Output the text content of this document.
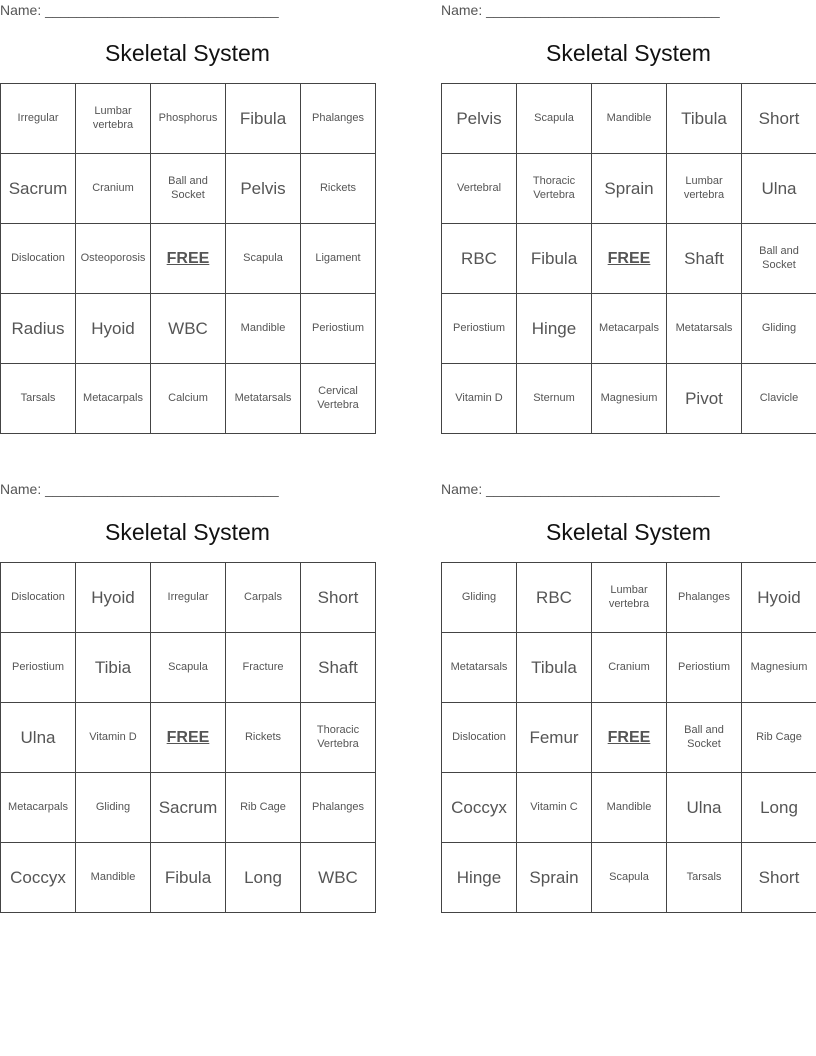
Name: ______________________________
Skeletal System
Irregular	Lumbar vertebra	Phosphorus	Fibula	Phalanges
Sacrum	Cranium	Ball and Socket	Pelvis	Rickets
Dislocation	Osteoporosis	FREE	Scapula	Ligament
Radius	Hyoid	WBC	Mandible	Periostium
Tarsals	Metacarpals	Calcium	Metatarsals	Cervical Vertebra
Name: ______________________________
Skeletal System
Pelvis	Scapula	Mandible	Tibula	Short
Vertebral	Thoracic Vertebra	Sprain	Lumbar vertebra	Ulna
RBC	Fibula	FREE	Shaft	Ball and Socket
Periostium	Hinge	Metacarpals	Metatarsals	Gliding
Vitamin D	Sternum	Magnesium	Pivot	Clavicle
Name: ______________________________
Skeletal System
Dislocation	Hyoid	Irregular	Carpals	Short
Periostium	Tibia	Scapula	Fracture	Shaft
Ulna	Vitamin D	FREE	Rickets	Thoracic Vertebra
Metacarpals	Gliding	Sacrum	Rib Cage	Phalanges
Coccyx	Mandible	Fibula	Long	WBC
Name: ______________________________
Skeletal System
Gliding	RBC	Lumbar vertebra	Phalanges	Hyoid
Metatarsals	Tibula	Cranium	Periostium	Magnesium
Dislocation	Femur	FREE	Ball and Socket	Rib Cage
Coccyx	Vitamin C	Mandible	Ulna	Long
Hinge	Sprain	Scapula	Tarsals	Short
